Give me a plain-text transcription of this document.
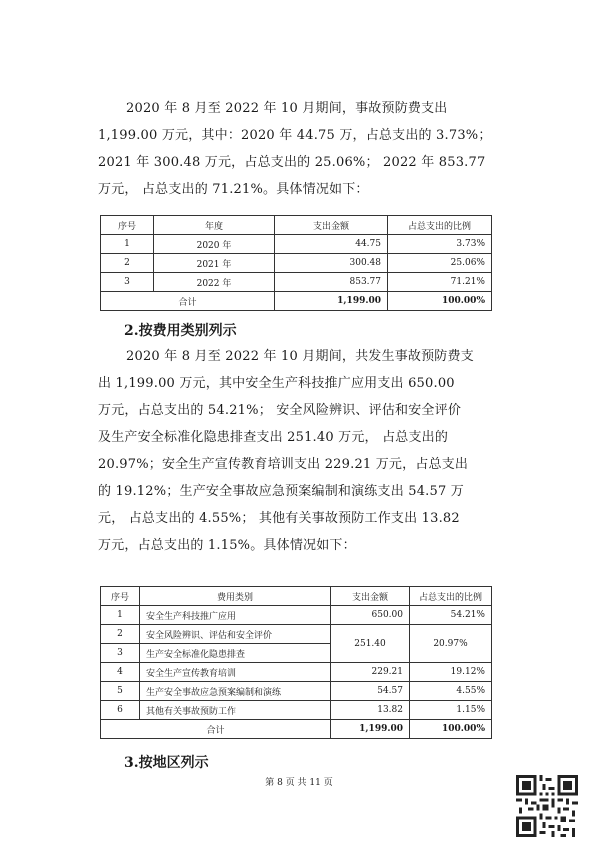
2020 年 8 月至 2022 年 10 月期间，事故预防费支出
1,199.00 万元，其中：2020 年 44.75 万，占总支出的 3.73%；
2021 年 300.48 万元，占总支出的 25.06%； 2022 年 853.77
万元， 占总支出的 71.21%。具体情况如下：
序号	年度	支出金额	占总支出的比例
1	2020 年	44.75	3.73%
2	2021 年	300.48	25.06%
3	2022 年	853.77	71.21%
合计		1,199.00	100.00%
2.按费用类别列示
2020 年 8 月至 2022 年 10 月期间，共发生事故预防费支
出 1,199.00 万元，其中安全生产科技推广应用支出 650.00
万元，占总支出的 54.21%； 安全风险辨识、评估和安全评价
及生产安全标准化隐患排查支出 251.40 万元， 占总支出的
20.97%；安全生产宣传教育培训支出 229.21 万元，占总支出
的 19.12%；生产安全事故应急预案编制和演练支出 54.57 万
元， 占总支出的 4.55%； 其他有关事故预防工作支出 13.82
万元，占总支出的 1.15%。具体情况如下：
序号	费用类别	支出金额	占总支出的比例
1	安全生产科技推广应用	650.00	54.21%
2	安全风险辨识、评估和安全评价	251.40	20.97%
3	生产安全标准化隐患排查		
4	安全生产宣传教育培训	229.21	19.12%
5	生产安全事故应急预案编制和演练	54.57	4.55%
6	其他有关事故预防工作	13.82	1.15%
合计		1,199.00	100.00%
3.按地区列示
第 8 页 共 11 页
